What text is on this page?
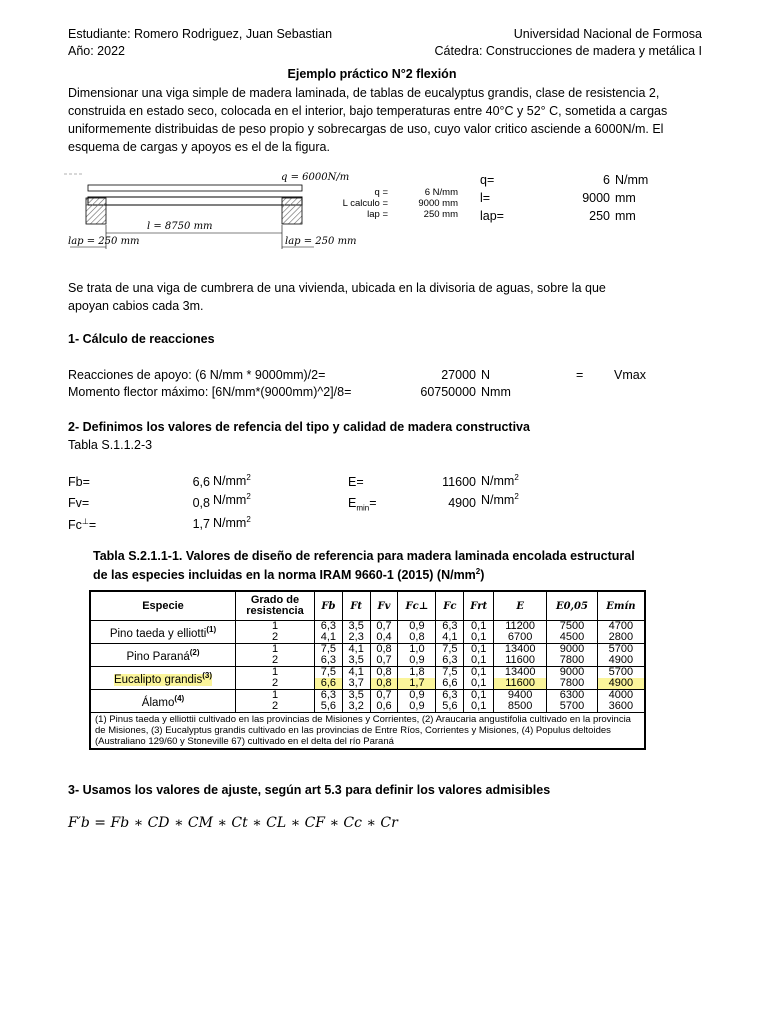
Estudiante: Romero Rodriguez, Juan Sebastian
Año: 2022
Universidad Nacional de Formosa
Cátedra: Construcciones de madera y metálica I
Ejemplo práctico N°2 flexión
Dimensionar una viga simple de madera laminada, de tablas de eucalyptus grandis, clase de resistencia 2, construida en estado seco, colocada en el interior, bajo temperaturas entre 40°C y 52° C, sometida a cargas uniformemente distribuidas de peso propio y sobrecargas de uso, cuyo valor critico asciende a 6000N/m. El esquema de cargas y apoyos es el de la figura.
q = 6000N/m
l = 8750 mm
lap = 250 mm	lap = 250 mm
q =	6 N/mm
L calculo =	9000 mm
lap =	250 mm
q=	6 N/mm
l=	9000 mm
lap=	250 mm
Se trata de una viga de cumbrera de una vivienda, ubicada en la divisoria de aguas, sobre la que apoyan cabios cada 3m.
1- Cálculo de reacciones
Reacciones de apoyo: (6 N/mm * 9000mm)/2=	27000 N	= Vmax
Momento flector máximo: [6N/mm*(9000mm)^2]/8=	60750000 Nmm
2- Definimos los valores de refencia del tipo y calidad de madera constructiva
Tabla S.1.1.2-3
Fb=	6,6 $N/mm^2$
Fv=	0,8 $N/mm^2$
Fc⊥=	1,7 $N/mm^2$
E=	11600 $N/mm^2$
$E_{min}=$	4900 $N/mm^2$
Tabla S.2.1.1-1. Valores de diseño de referencia para madera laminada encolada estructural de las especies incluidas en la norma IRAM 9660-1 (2015) $(N/mm^2)$
Especie	Grado de resistencia	Fb	Ft	Fv	Fc⊥	Fc	Frt	E	E0,05	Emín
Pino taeda y elliotti$^{(1)}$	1	6,3	3,5	0,7	0,9	6,3	0,1	11200	7500	4700
	2	4,1	2,3	0,4	0,8	4,1	0,1	6700	4500	2800
Pino Paraná$^{(2)}$	1	7,5	4,1	0,8	1,0	7,5	0,1	13400	9000	5700
	2	6,3	3,5	0,7	0,9	6,3	0,1	11600	7800	4900
Eucalipto grandis$^{(3)}$	1	7,5	4,1	0,8	1,8	7,5	0,1	13400	9000	5700
	2	6,6	3,7	0,8	1,7	6,6	0,1	11600	7800	4900
Álamo$^{(4)}$	1	6,3	3,5	0,7	0,9	6,3	0,1	9400	6300	4000
	2	5,6	3,2	0,6	0,9	5,6	0,1	8500	5700	3600
(1) Pinus taeda y elliottii cultivado en las provincias de Misiones y Corrientes, (2) Araucaria angustifolia cultivado en la provincia de Misiones, (3) Eucalyptus grandis cultivado en las provincias de Entre Ríos, Corrientes y Misiones, (4) Populus deltoides (Australiano 129/60 y Stoneville 67) cultivado en el delta del río Paraná										
3- Usamos los valores de ajuste, según art 5.3 para definir los valores admisibles
F′b = Fb ∗ CD ∗ CM ∗ Ct ∗ CL ∗ CF ∗ Cc ∗ Cr
